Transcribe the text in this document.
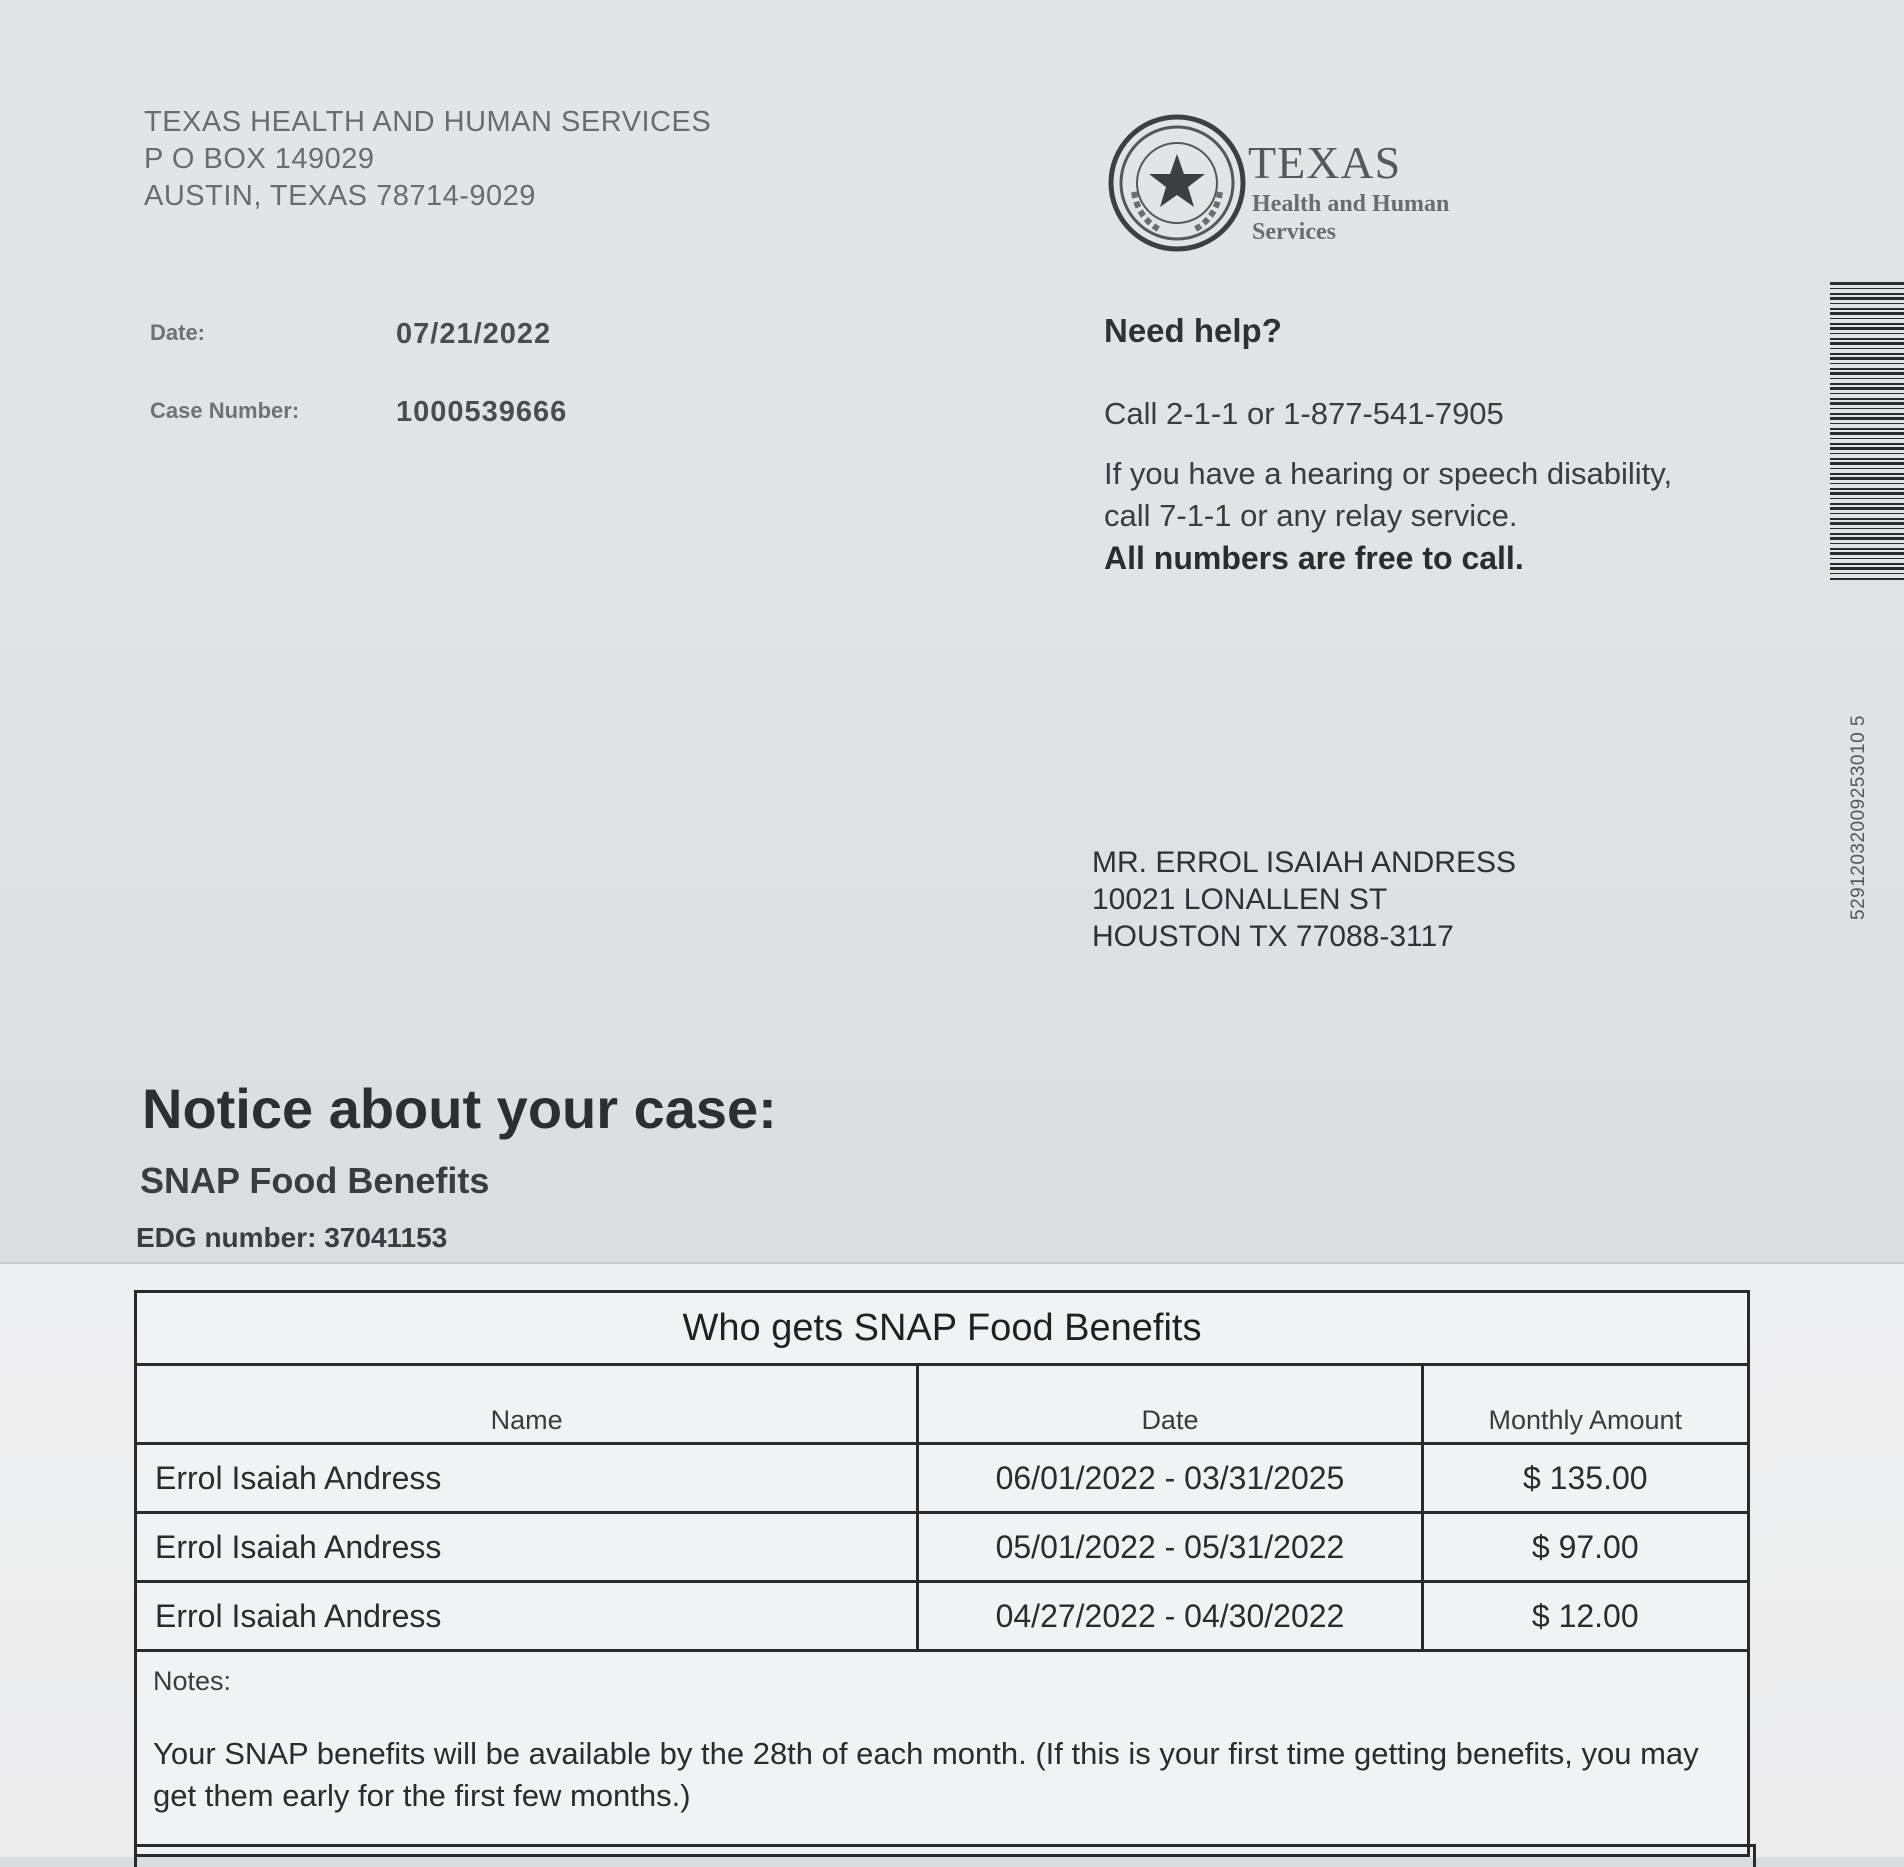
TEXAS HEALTH AND HUMAN SERVICES
P O BOX 149029
AUSTIN, TEXAS 78714-9029
Date:	07/21/2022
Case Number:	1000539666
TEXAS
Health and Human
Services
Need help?
Call 2-1-1 or 1-877-541-7905
If you have a hearing or speech disability,
call 7-1-1 or any relay service.
All numbers are free to call.
52912032009253010 5
MR. ERROL ISAIAH ANDRESS
10021 LONALLEN ST
HOUSTON TX 77088-3117
Notice about your case:
SNAP Food Benefits
EDG number: 37041153
Who gets SNAP Food Benefits		
Name	Date	Monthly Amount
Errol Isaiah Andress	06/01/2022 - 03/31/2025	$ 135.00
Errol Isaiah Andress	05/01/2022 - 05/31/2022	$ 97.00
Errol Isaiah Andress	04/27/2022 - 04/30/2022	$ 12.00

Notes:
Your SNAP benefits will be available by the 28th of each month. (If this is your first time getting benefits, you may get them early for the first few months.)		
